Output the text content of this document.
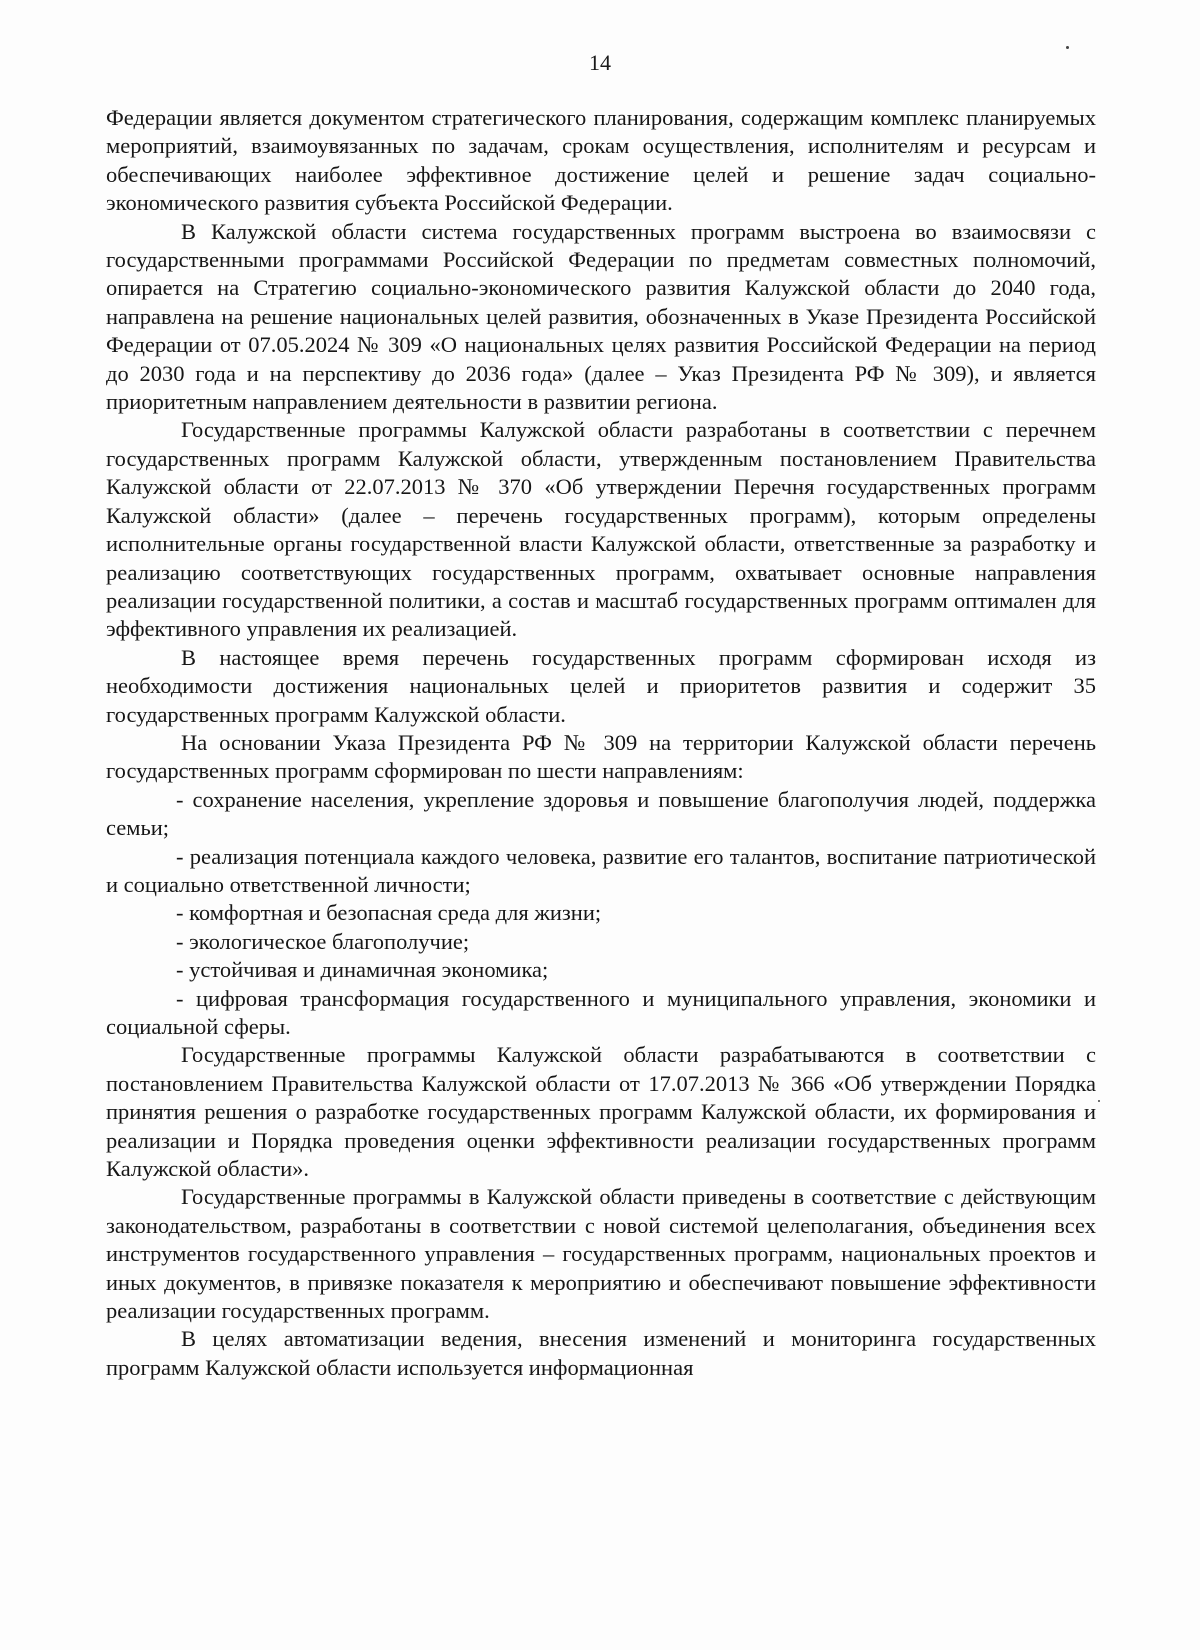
14

Федерации является документом стратегического планирования, содержащим комплекс планируемых мероприятий, взаимоувязанных по задачам, срокам осуществления, исполнителям и ресурсам и обеспечивающих наиболее эффективное достижение целей и решение задач социально-экономического развития субъекта Российской Федерации.

В Калужской области система государственных программ выстроена во взаимосвязи с государственными программами Российской Федерации по предметам совместных полномочий, опирается на Стратегию социально-экономического развития Калужской области до 2040 года, направлена на решение национальных целей развития, обозначенных в Указе Президента Российской Федерации от 07.05.2024 № 309 «О национальных целях развития Российской Федерации на период до 2030 года и на перспективу до 2036 года» (далее – Указ Президента РФ № 309), и является приоритетным направлением деятельности в развитии региона.

Государственные программы Калужской области разработаны в соответствии с перечнем государственных программ Калужской области, утвержденным постановлением Правительства Калужской области от 22.07.2013 № 370 «Об утверждении Перечня государственных программ Калужской области» (далее – перечень государственных программ), которым определены исполнительные органы государственной власти Калужской области, ответственные за разработку и реализацию соответствующих государственных программ, охватывает основные направления реализации государственной политики, а состав и масштаб государственных программ оптимален для эффективного управления их реализацией.

В настоящее время перечень государственных программ сформирован исходя из необходимости достижения национальных целей и приоритетов развития и содержит 35 государственных программ Калужской области.

На основании Указа Президента РФ № 309 на территории Калужской области перечень государственных программ сформирован по шести направлениям:

- сохранение населения, укрепление здоровья и повышение благополучия людей, поддержка семьи;

- реализация потенциала каждого человека, развитие его талантов, воспитание патриотической и социально ответственной личности;

- комфортная и безопасная среда для жизни;

- экологическое благополучие;

- устойчивая и динамичная экономика;

- цифровая трансформация государственного и муниципального управления, экономики и социальной сферы.

Государственные программы Калужской области разрабатываются в соответствии с постановлением Правительства Калужской области от 17.07.2013 № 366 «Об утверждении Порядка принятия решения о разработке государственных программ Калужской области, их формирования и реализации и Порядка проведения оценки эффективности реализации государственных программ Калужской области».

Государственные программы в Калужской области приведены в соответствие с действующим законодательством, разработаны в соответствии с новой системой целеполагания, объединения всех инструментов государственного управления – государственных программ, национальных проектов и иных документов, в привязке показателя к мероприятию и обеспечивают повышение эффективности реализации государственных программ.

В целях автоматизации ведения, внесения изменений и мониторинга государственных программ Калужской области используется информационная
